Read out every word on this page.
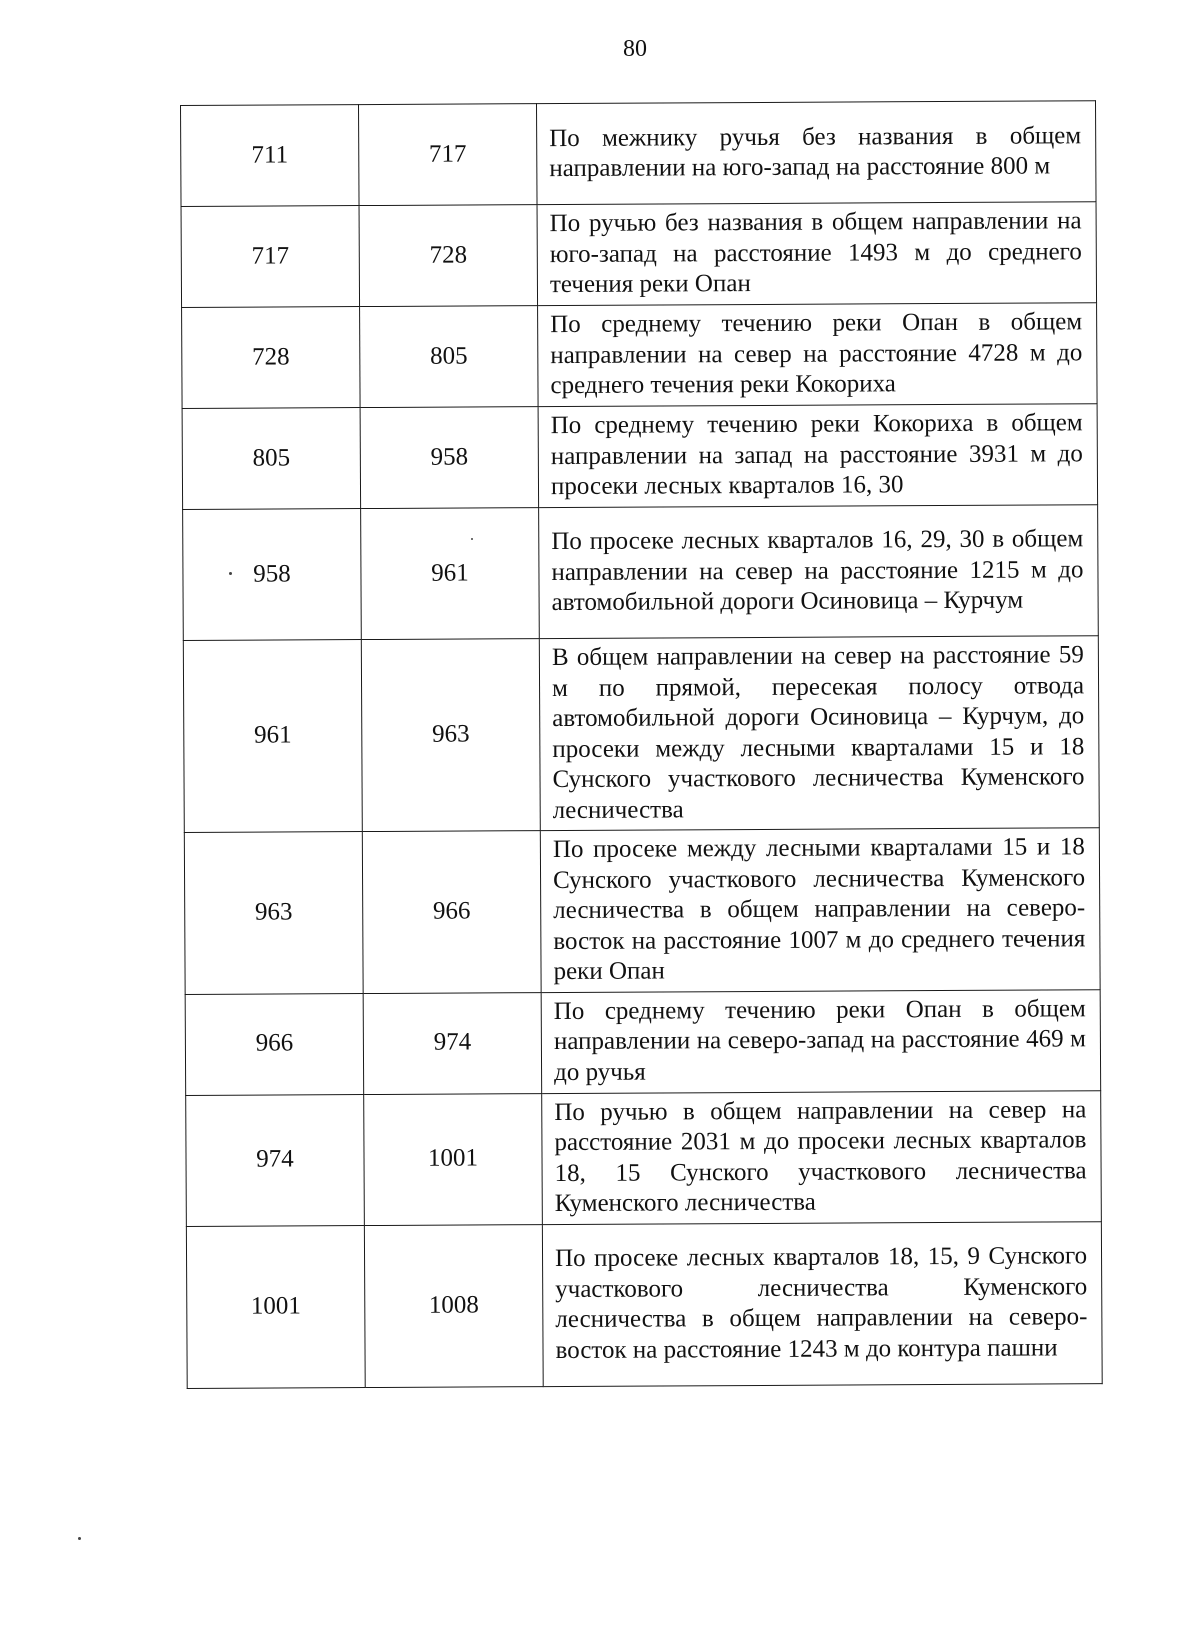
80
711	717	По межнику ручья без названия в общем направлении на юго-запад на расстояние 800 м
717	728	По ручью без названия в общем направлении на юго-запад на расстояние 1493 м до среднего течения реки Опан
728	805	По среднему течению реки Опан в общем направлении на север на расстояние 4728 м до среднего течения реки Кокориха
805	958	По среднему течению реки Кокориха в общем направлении на запад на расстояние 3931 м до просеки лесных кварталов 16, 30
958	961	По просеке лесных кварталов 16, 29, 30 в общем направлении на север на расстояние 1215 м до автомобильной дороги Осиновица – Курчум
961	963	В общем направлении на север на расстояние 59 м по прямой, пересекая полосу отвода автомобильной дороги Осиновица – Курчум, до просеки между лесными кварталами 15 и 18 Сунского участкового лесничества Куменского лесничества
963	966	По просеке между лесными кварталами 15 и 18 Сунского участкового лесничества Куменского лесничества в общем направлении на северо-восток на расстояние 1007 м до среднего течения реки Опан
966	974	По среднему течению реки Опан в общем направлении на северо-запад на расстояние 469 м до ручья
974	1001	По ручью в общем направлении на север на расстояние 2031 м до просеки лесных кварталов 18, 15 Сунского участкового лесничества Куменского лесничества
1001	1008	По просеке лесных кварталов 18, 15, 9 Сунского участкового лесничества Куменского лесничества в общем направлении на северо-восток на расстояние 1243 м до контура пашни
